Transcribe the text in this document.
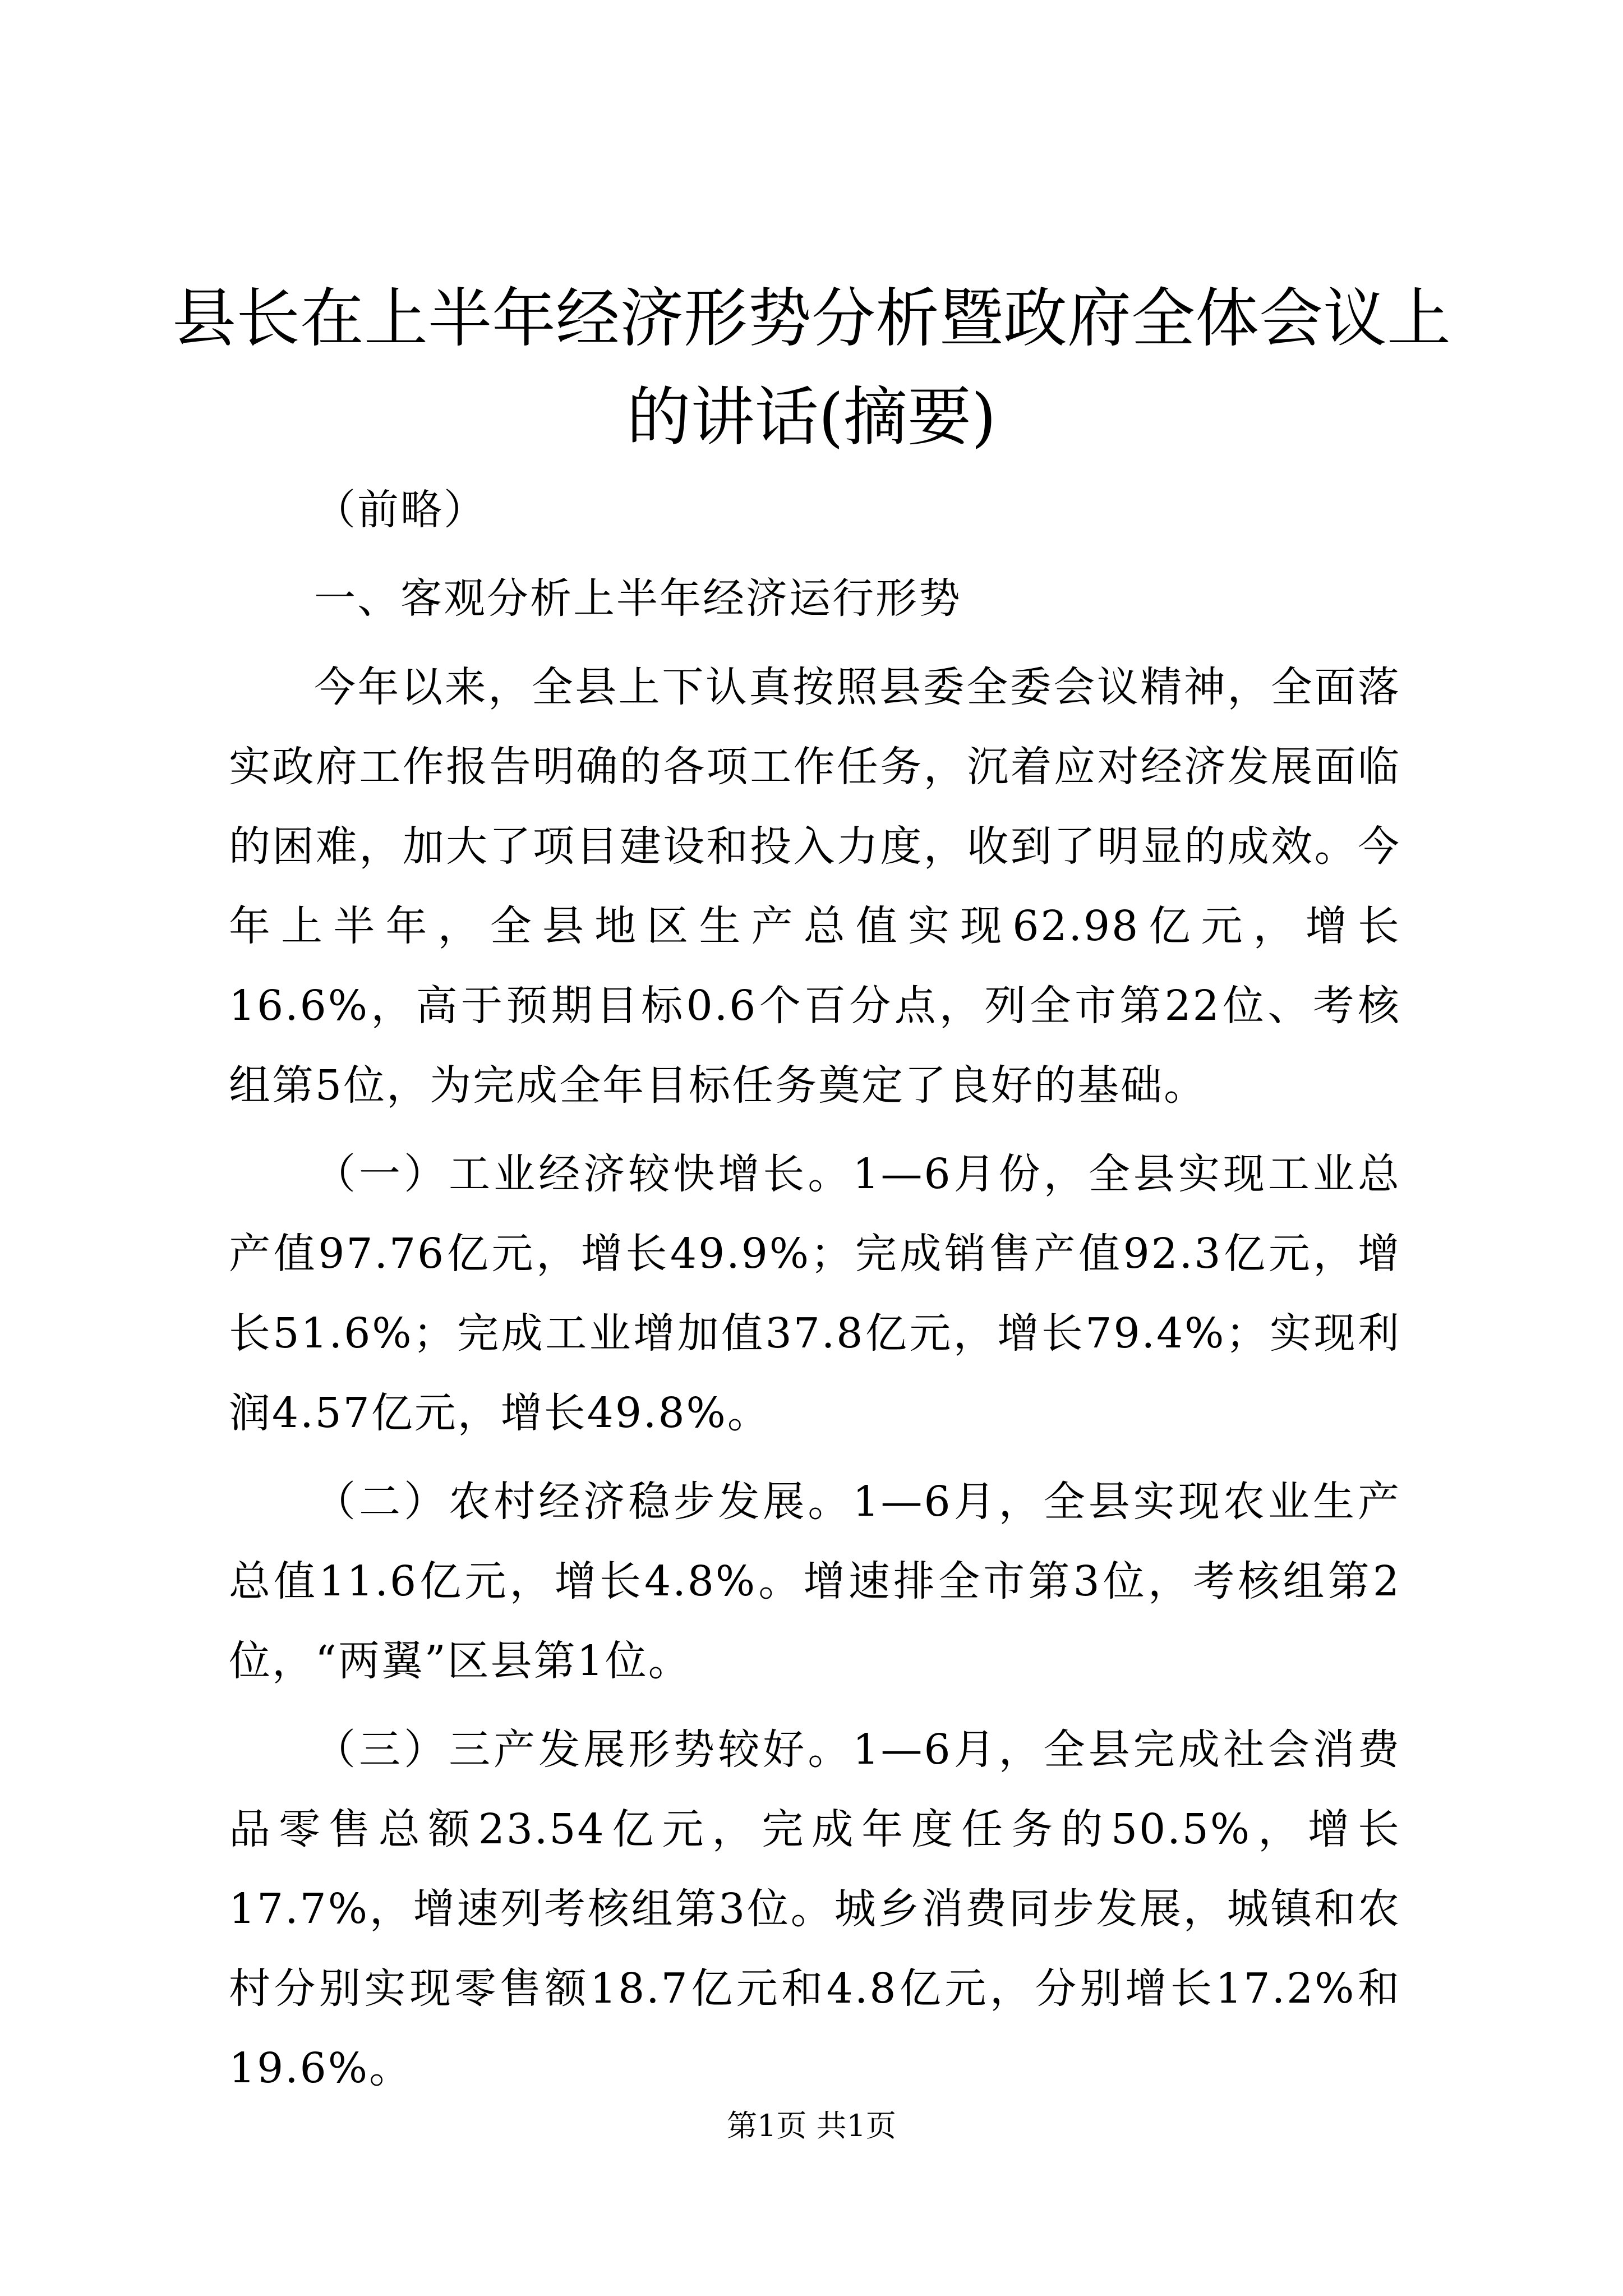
县长在上半年经济形势分析暨政府全体会议上的讲话(摘要)

（前略）

一、客观分析上半年经济运行形势

今年以来，全县上下认真按照县委全委会议精神，全面落实政府工作报告明确的各项工作任务，沉着应对经济发展面临的困难，加大了项目建设和投入力度，收到了明显的成效。今年上半年，全县地区生产总值实现62.98亿元，增长16.6%，高于预期目标0.6个百分点，列全市第22位、考核组第5位，为完成全年目标任务奠定了良好的基础。

（一）工业经济较快增长。1—6月份，全县实现工业总产值97.76亿元，增长49.9%；完成销售产值92.3亿元，增长51.6%；完成工业增加值37.8亿元，增长79.4%；实现利润4.57亿元，增长49.8%。

（二）农村经济稳步发展。1—6月，全县实现农业生产总值11.6亿元，增长4.8%。增速排全市第3位，考核组第2位，“两翼”区县第1位。

（三）三产发展形势较好。1—6月，全县完成社会消费品零售总额23.54亿元，完成年度任务的50.5%，增长17.7%，增速列考核组第3位。城乡消费同步发展，城镇和农村分别实现零售额18.7亿元和4.8亿元，分别增长17.2%和19.6%。

第1页 共1页
